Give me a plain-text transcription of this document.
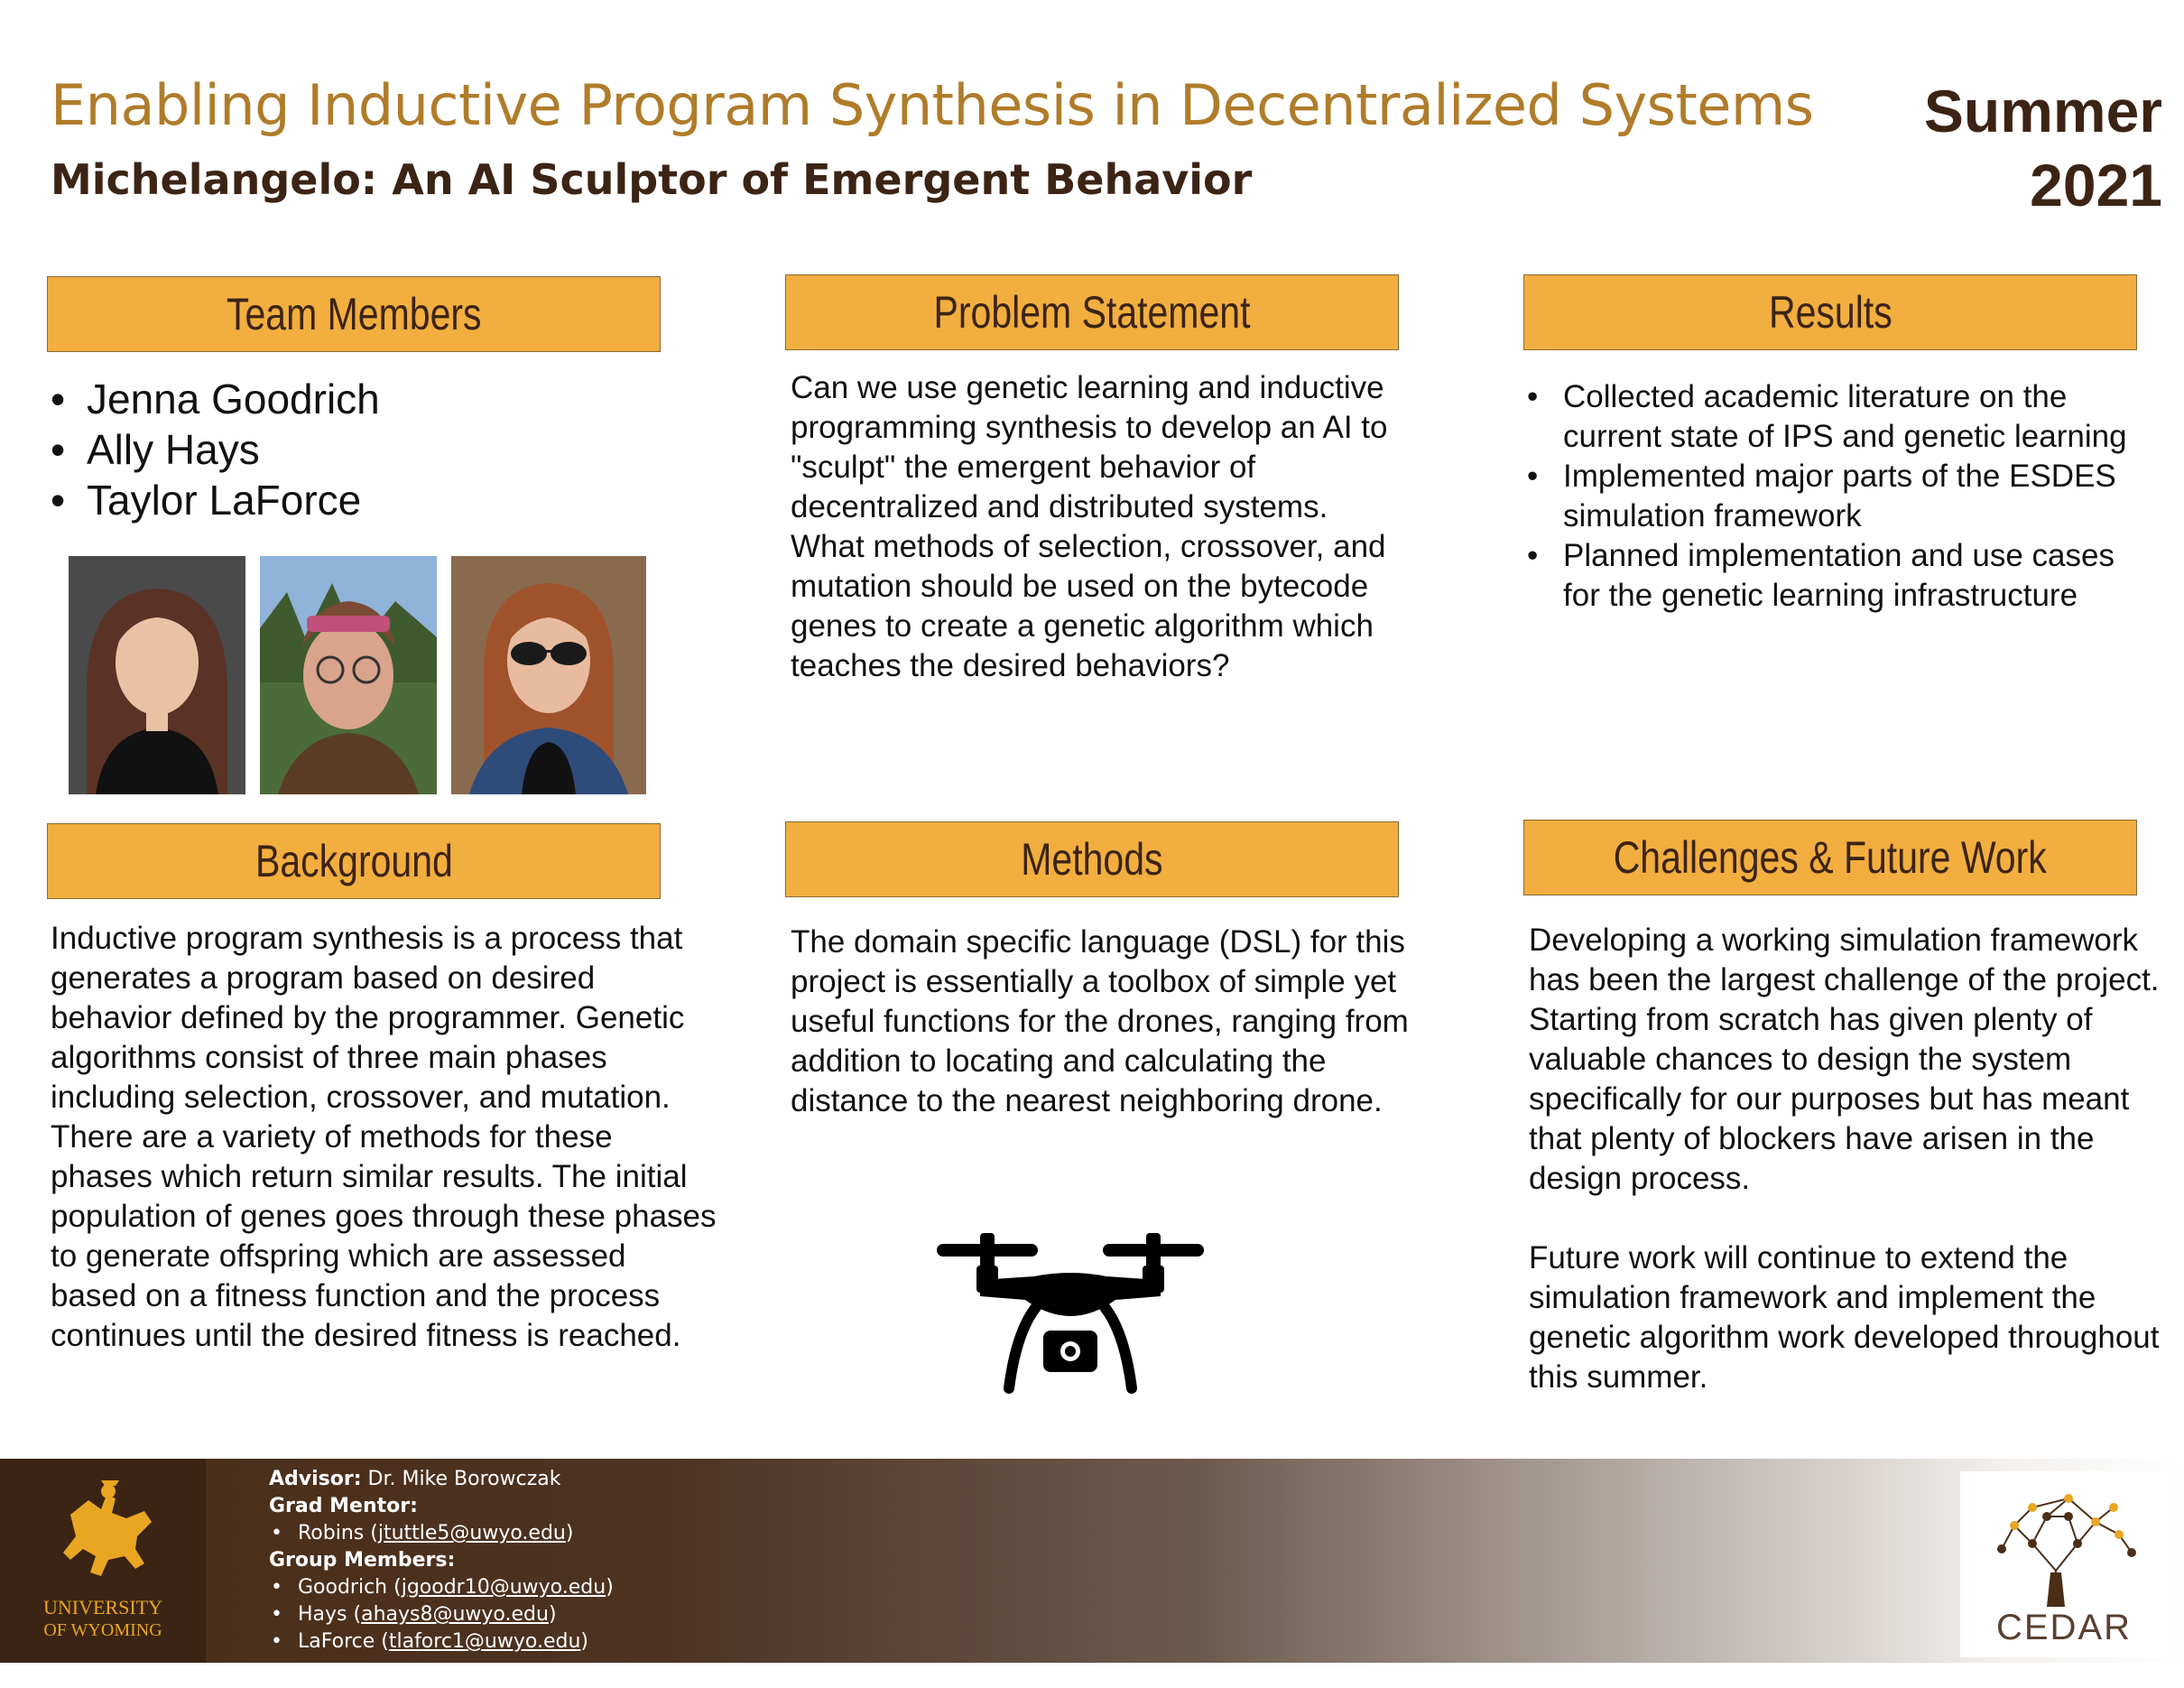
Enabling Inductive Program Synthesis in Decentralized Systems
Michelangelo: An AI Sculptor of Emergent Behavior
Summer
2021
Team Members
• Jenna Goodrich
• Ally Hays
• Taylor LaForce
Problem Statement
Can we use genetic learning and inductive programming synthesis to develop an AI to "sculpt" the emergent behavior of decentralized and distributed systems.
What methods of selection, crossover, and mutation should be used on the bytecode genes to create a genetic algorithm which teaches the desired behaviors?
Results
• Collected academic literature on the current state of IPS and genetic learning
• Implemented major parts of the ESDES simulation framework
• Planned implementation and use cases for the genetic learning infrastructure
Background
Inductive program synthesis is a process that generates a program based on desired behavior defined by the programmer. Genetic algorithms consist of three main phases including selection, crossover, and mutation. There are a variety of methods for these phases which return similar results. The initial population of genes goes through these phases to generate offspring which are assessed based on a fitness function and the process continues until the desired fitness is reached.
Methods
The domain specific language (DSL) for this project is essentially a toolbox of simple yet useful functions for the drones, ranging from addition to locating and calculating the distance to the nearest neighboring drone.
Challenges & Future Work
Developing a working simulation framework has been the largest challenge of the project. Starting from scratch has given plenty of valuable chances to design the system specifically for our purposes but has meant that plenty of blockers have arisen in the design process.
Future work will continue to extend the simulation framework and implement the genetic algorithm work developed throughout this summer.
UNIVERSITY
OF WYOMING
Advisor: Dr. Mike Borowczak
Grad Mentor:
• Robins (jtuttle5@uwyo.edu)
Group Members:
• Goodrich (jgoodr10@uwyo.edu)
• Hays (ahays8@uwyo.edu)
• LaForce (tlaforc1@uwyo.edu)	CEDAR
